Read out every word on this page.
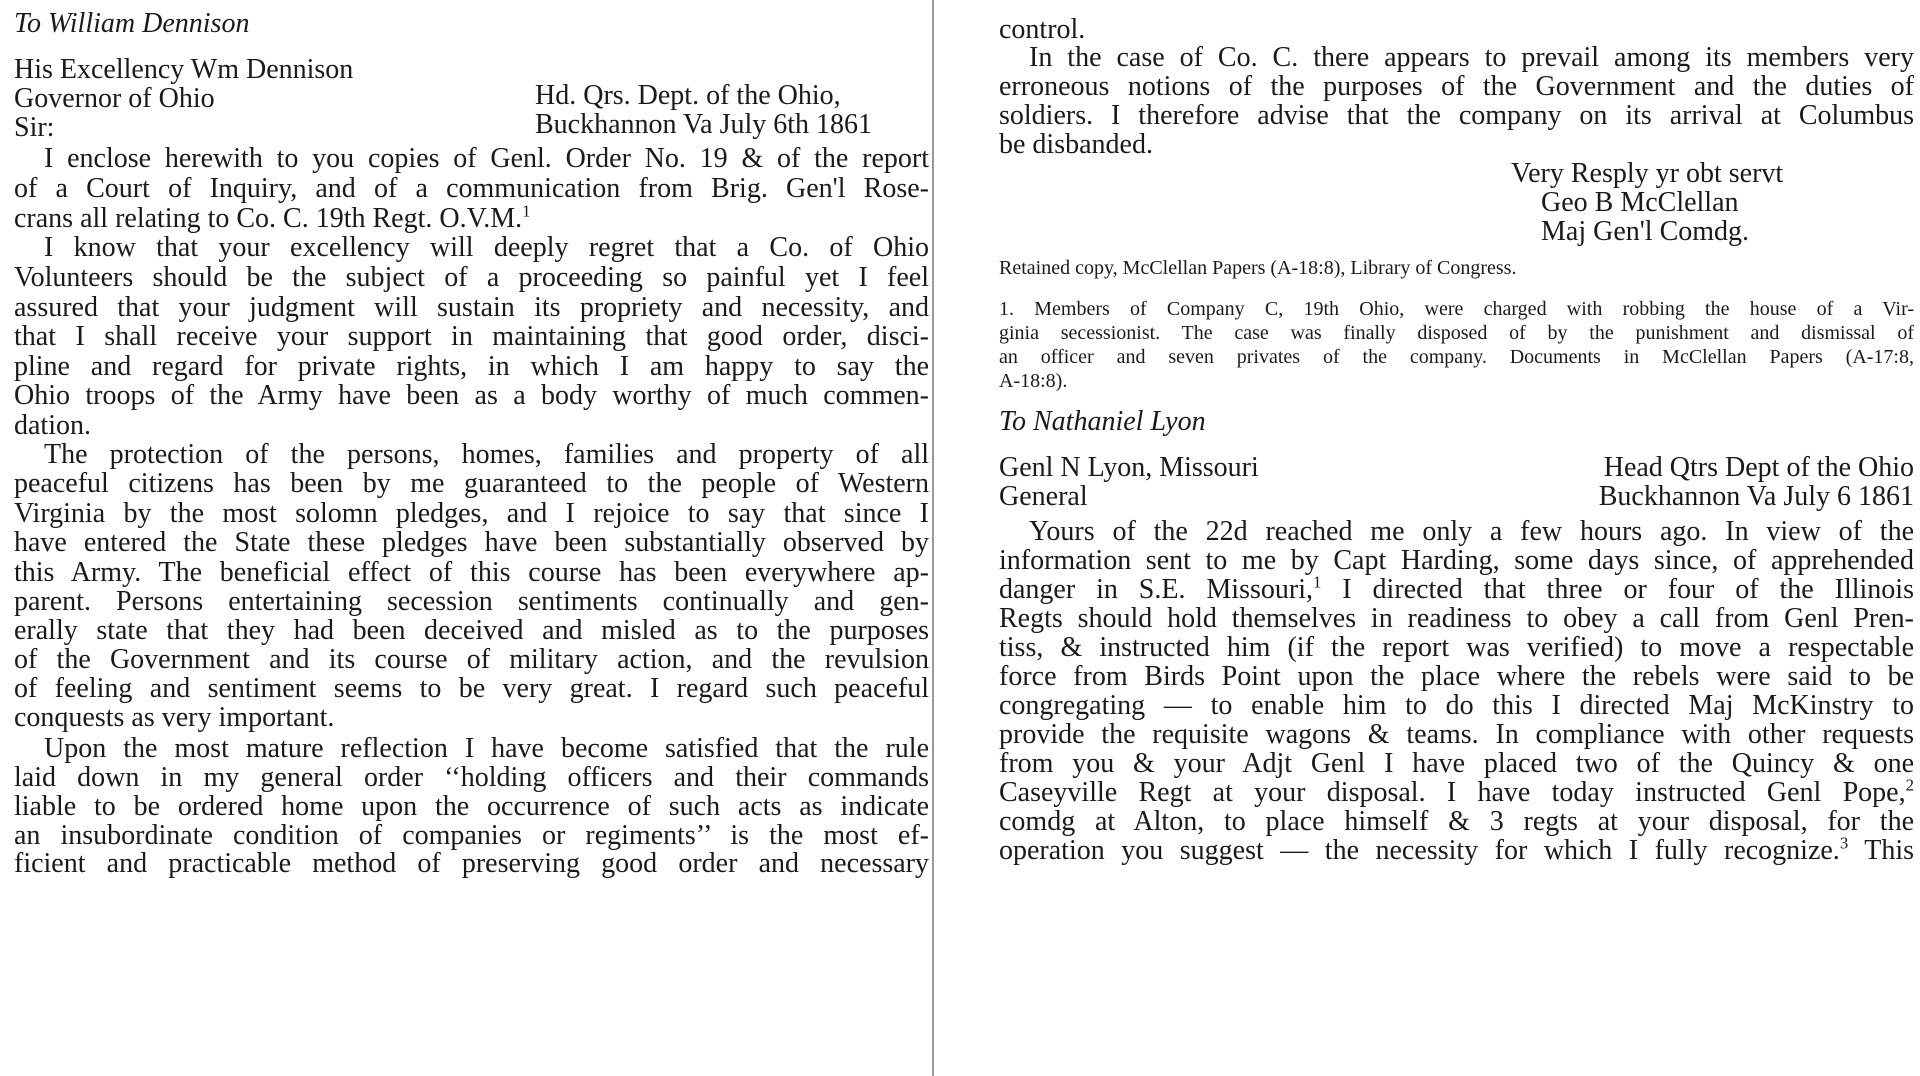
To William Dennison
His Excellency Wm Dennison
Governor of Ohio
Sir:
Hd. Qrs. Dept. of the Ohio,
Buckhannon Va July 6th 1861
I enclose herewith to you copies of Genl. Order No. 19 & of the report
of a Court of Inquiry, and of a communication from Brig. Gen'l Rose-
crans all relating to Co. C. 19th Regt. O.V.M.$^1$
I know that your excellency will deeply regret that a Co. of Ohio
Volunteers should be the subject of a proceeding so painful yet I feel
assured that your judgment will sustain its propriety and necessity, and
that I shall receive your support in maintaining that good order, disci-
pline and regard for private rights, in which I am happy to say the
Ohio troops of the Army have been as a body worthy of much commen-
dation.
The protection of the persons, homes, families and property of all
peaceful citizens has been by me guaranteed to the people of Western
Virginia by the most solomn pledges, and I rejoice to say that since I
have entered the State these pledges have been substantially observed by
this Army. The beneficial effect of this course has been everywhere ap-
parent. Persons entertaining secession sentiments continually and gen-
erally state that they had been deceived and misled as to the purposes
of the Government and its course of military action, and the revulsion
of feeling and sentiment seems to be very great. I regard such peaceful
conquests as very important.
Upon the most mature reflection I have become satisfied that the rule
laid down in my general order ‘‘holding officers and their commands
liable to be ordered home upon the occurrence of such acts as indicate
an insubordinate condition of companies or regiments’’ is the most ef-
ficient and practicable method of preserving good order and necessary
control.
In the case of Co. C. there appears to prevail among its members very
erroneous notions of the purposes of the Government and the duties of
soldiers. I therefore advise that the company on its arrival at Columbus
be disbanded.
Very Resply yr obt servt
Geo B McClellan
Maj Gen'l Comdg.
Retained copy, McClellan Papers (A-18:8), Library of Congress.
1. Members of Company C, 19th Ohio, were charged with robbing the house of a Vir-
ginia secessionist. The case was finally disposed of by the punishment and dismissal of
an officer and seven privates of the company. Documents in McClellan Papers (A-17:8,
A-18:8).
To Nathaniel Lyon
Genl N Lyon, Missouri
General
Head Qtrs Dept of the Ohio
Buckhannon Va July 6 1861
Yours of the 22d reached me only a few hours ago. In view of the
information sent to me by Capt Harding, some days since, of apprehended
danger in S.E. Missouri,$^1$ I directed that three or four of the Illinois
Regts should hold themselves in readiness to obey a call from Genl Pren-
tiss, & instructed him (if the report was verified) to move a respectable
force from Birds Point upon the place where the rebels were said to be
congregating — to enable him to do this I directed Maj McKinstry to
provide the requisite wagons & teams. In compliance with other requests
from you & your Adjt Genl I have placed two of the Quincy & one
Caseyville Regt at your disposal. I have today instructed Genl Pope,$^2$
comdg at Alton, to place himself & 3 regts at your disposal, for the
operation you suggest — the necessity for which I fully recognize.$^3$ This
